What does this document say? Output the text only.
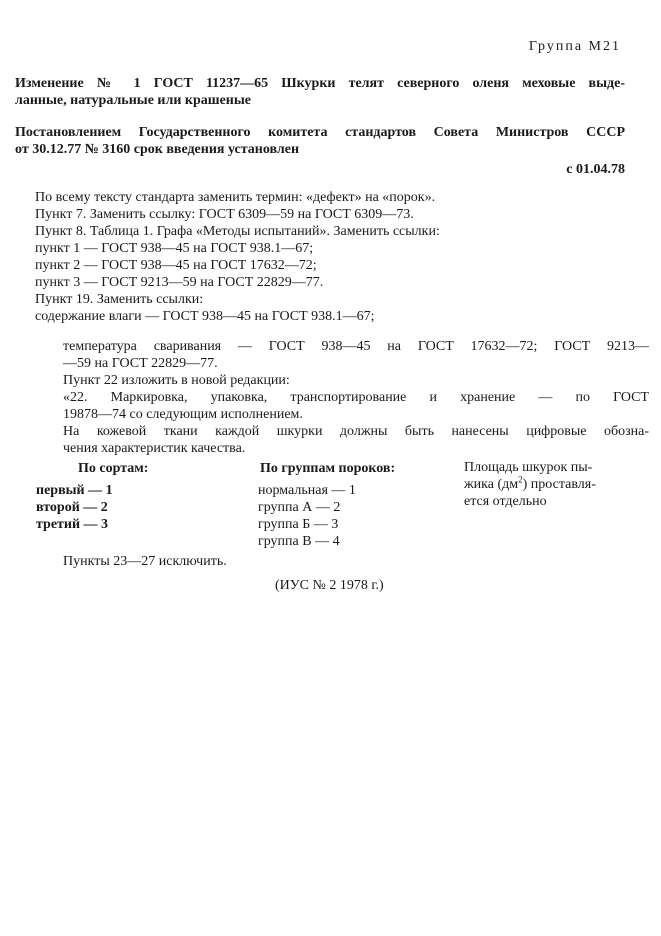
Группа М21
Изменение № 1 ГОСТ 11237—65 Шкурки телят северного оленя меховые выде-
ланные, натуральные или крашеные
Постановлением Государственного комитета стандартов Совета Министров СССР
от 30.12.77 № 3160 срок введения установлен
с 01.04.78
По всему тексту стандарта заменить термин: «дефект» на «порок».
Пункт 7. Заменить ссылку: ГОСТ 6309—59 на ГОСТ 6309—73.
Пункт 8. Таблица 1. Графа «Методы испытаний». Заменить ссылки:
пункт 1 — ГОСТ 938—45 на ГОСТ 938.1—67;
пункт 2 — ГОСТ 938—45 на ГОСТ 17632—72;
пункт 3 — ГОСТ 9213—59 на ГОСТ 22829—77.
Пункт 19. Заменить ссылки:
содержание влаги — ГОСТ 938—45 на ГОСТ 938.1—67;
температура сваривания — ГОСТ 938—45 на ГОСТ 17632—72; ГОСТ 9213—
—59 на ГОСТ 22829—77.
Пункт 22 изложить в новой редакции:
«22. Маркировка, упаковка, транспортирование и хранение — по ГОСТ
19878—74 со следующим исполнением.
На кожевой ткани каждой шкурки должны быть нанесены цифровые обозна-
чения характеристик качества.
По сортам:
первый — 1
второй — 2
третий — 3
По группам пороков:
нормальная — 1
группа А — 2
группа Б — 3
группа В — 4
Площадь шкурок пы-
жика $(дм^2)$ проставля-
ется отдельно
Пункты 23—27 исключить.
(ИУС № 2 1978 г.)
